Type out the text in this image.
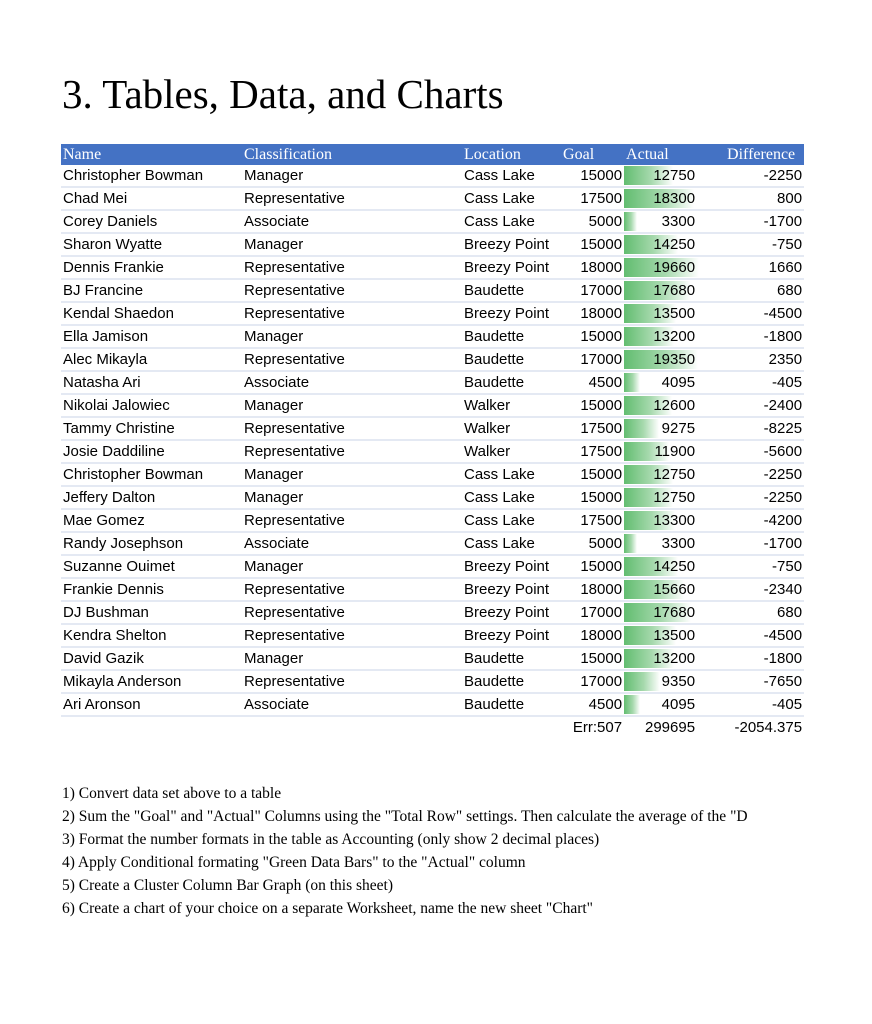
3. Tables, Data, and Charts
Name	Classification	Location	Goal	Actual	Difference
Christopher Bowman	Manager	Cass Lake	15000	12750	-2250
Chad Mei	Representative	Cass Lake	17500	18300	800
Corey Daniels	Associate	Cass Lake	5000	3300	-1700
Sharon Wyatte	Manager	Breezy Point	15000	14250	-750
Dennis Frankie	Representative	Breezy Point	18000	19660	1660
BJ Francine	Representative	Baudette	17000	17680	680
Kendal Shaedon	Representative	Breezy Point	18000	13500	-4500
Ella Jamison	Manager	Baudette	15000	13200	-1800
Alec Mikayla	Representative	Baudette	17000	19350	2350
Natasha Ari	Associate	Baudette	4500	4095	-405
Nikolai Jalowiec	Manager	Walker	15000	12600	-2400
Tammy Christine	Representative	Walker	17500	9275	-8225
Josie Daddiline	Representative	Walker	17500	11900	-5600
Christopher Bowman	Manager	Cass Lake	15000	12750	-2250
Jeffery Dalton	Manager	Cass Lake	15000	12750	-2250
Mae Gomez	Representative	Cass Lake	17500	13300	-4200
Randy Josephson	Associate	Cass Lake	5000	3300	-1700
Suzanne Ouimet	Manager	Breezy Point	15000	14250	-750
Frankie Dennis	Representative	Breezy Point	18000	15660	-2340
DJ Bushman	Representative	Breezy Point	17000	17680	680
Kendra Shelton	Representative	Breezy Point	18000	13500	-4500
David Gazik	Manager	Baudette	15000	13200	-1800
Mikayla Anderson	Representative	Baudette	17000	9350	-7650
Ari Aronson	Associate	Baudette	4500	4095	-405
			Err:507	299695	-2054.375
1) Convert data set above to a table
2) Sum the "Goal" and "Actual" Columns using the "Total Row" settings. Then calculate the average of the "D
3) Format the number formats in the table as Accounting (only show 2 decimal places)
4) Apply Conditional formating "Green Data Bars" to the "Actual" column
5) Create a Cluster Column Bar Graph (on this sheet)
6) Create a chart of your choice on a separate Worksheet, name the new sheet "Chart"
